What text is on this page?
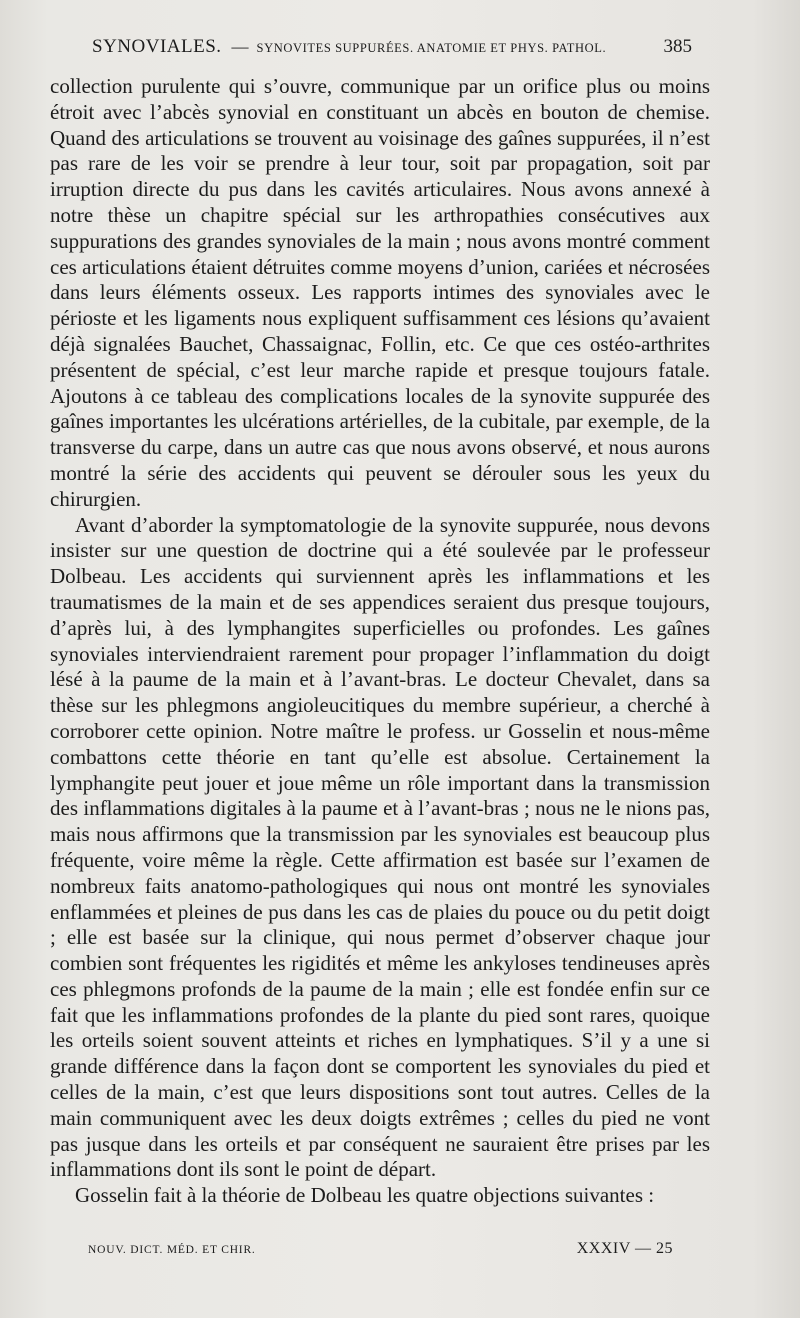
SYNOVIALES. — SYNOVITES SUPPURÉES. ANATOMIE ET PHYS. PATHOL.	385

collection purulente qui s’ouvre, communique par un orifice plus ou moins étroit avec l’abcès synovial en constituant un abcès en bouton de chemise. Quand des articulations se trouvent au voisinage des gaînes suppurées, il n’est pas rare de les voir se prendre à leur tour, soit par propagation, soit par irruption directe du pus dans les cavités articulaires. Nous avons annexé à notre thèse un chapitre spécial sur les arthropathies consécutives aux suppurations des grandes synoviales de la main ; nous avons montré comment ces articulations étaient détruites comme moyens d’union, cariées et nécrosées dans leurs éléments osseux. Les rapports intimes des synoviales avec le périoste et les ligaments nous expliquent suffisamment ces lésions qu’avaient déjà signalées Bauchet, Chassaignac, Follin, etc. Ce que ces ostéo-arthrites présentent de spécial, c’est leur marche rapide et presque toujours fatale. Ajoutons à ce tableau des complications locales de la synovite suppurée des gaînes importantes les ulcérations artérielles, de la cubitale, par exemple, de la transverse du carpe, dans un autre cas que nous avons observé, et nous aurons montré la série des accidents qui peuvent se dérouler sous les yeux du chirurgien.

Avant d’aborder la symptomatologie de la synovite suppurée, nous devons insister sur une question de doctrine qui a été soulevée par le professeur Dolbeau. Les accidents qui surviennent après les inflammations et les traumatismes de la main et de ses appendices seraient dus presque toujours, d’après lui, à des lymphangites superficielles ou profondes. Les gaînes synoviales interviendraient rarement pour propager l’inflammation du doigt lésé à la paume de la main et à l’avant-bras. Le docteur Chevalet, dans sa thèse sur les phlegmons angioleucitiques du membre supérieur, a cherché à corroborer cette opinion. Notre maître le profess. ur Gosselin et nous-même combattons cette théorie en tant qu’elle est absolue. Certainement la lymphangite peut jouer et joue même un rôle important dans la transmission des inflammations digitales à la paume et à l’avant-bras ; nous ne le nions pas, mais nous affirmons que la transmission par les synoviales est beaucoup plus fréquente, voire même la règle. Cette affirmation est basée sur l’examen de nombreux faits anatomo-pathologiques qui nous ont montré les synoviales enflammées et pleines de pus dans les cas de plaies du pouce ou du petit doigt ; elle est basée sur la clinique, qui nous permet d’observer chaque jour combien sont fréquentes les rigidités et même les ankyloses tendineuses après ces phlegmons profonds de la paume de la main ; elle est fondée enfin sur ce fait que les inflammations profondes de la plante du pied sont rares, quoique les orteils soient souvent atteints et riches en lymphatiques. S’il y a une si grande différence dans la façon dont se comportent les synoviales du pied et celles de la main, c’est que leurs dispositions sont tout autres. Celles de la main communiquent avec les deux doigts extrêmes ; celles du pied ne vont pas jusque dans les orteils et par conséquent ne sauraient être prises par les inflammations dont ils sont le point de départ.

Gosselin fait à la théorie de Dolbeau les quatre objections suivantes :

NOUV. DICT. MÉD. ET CHIR.	XXXIV — 25
